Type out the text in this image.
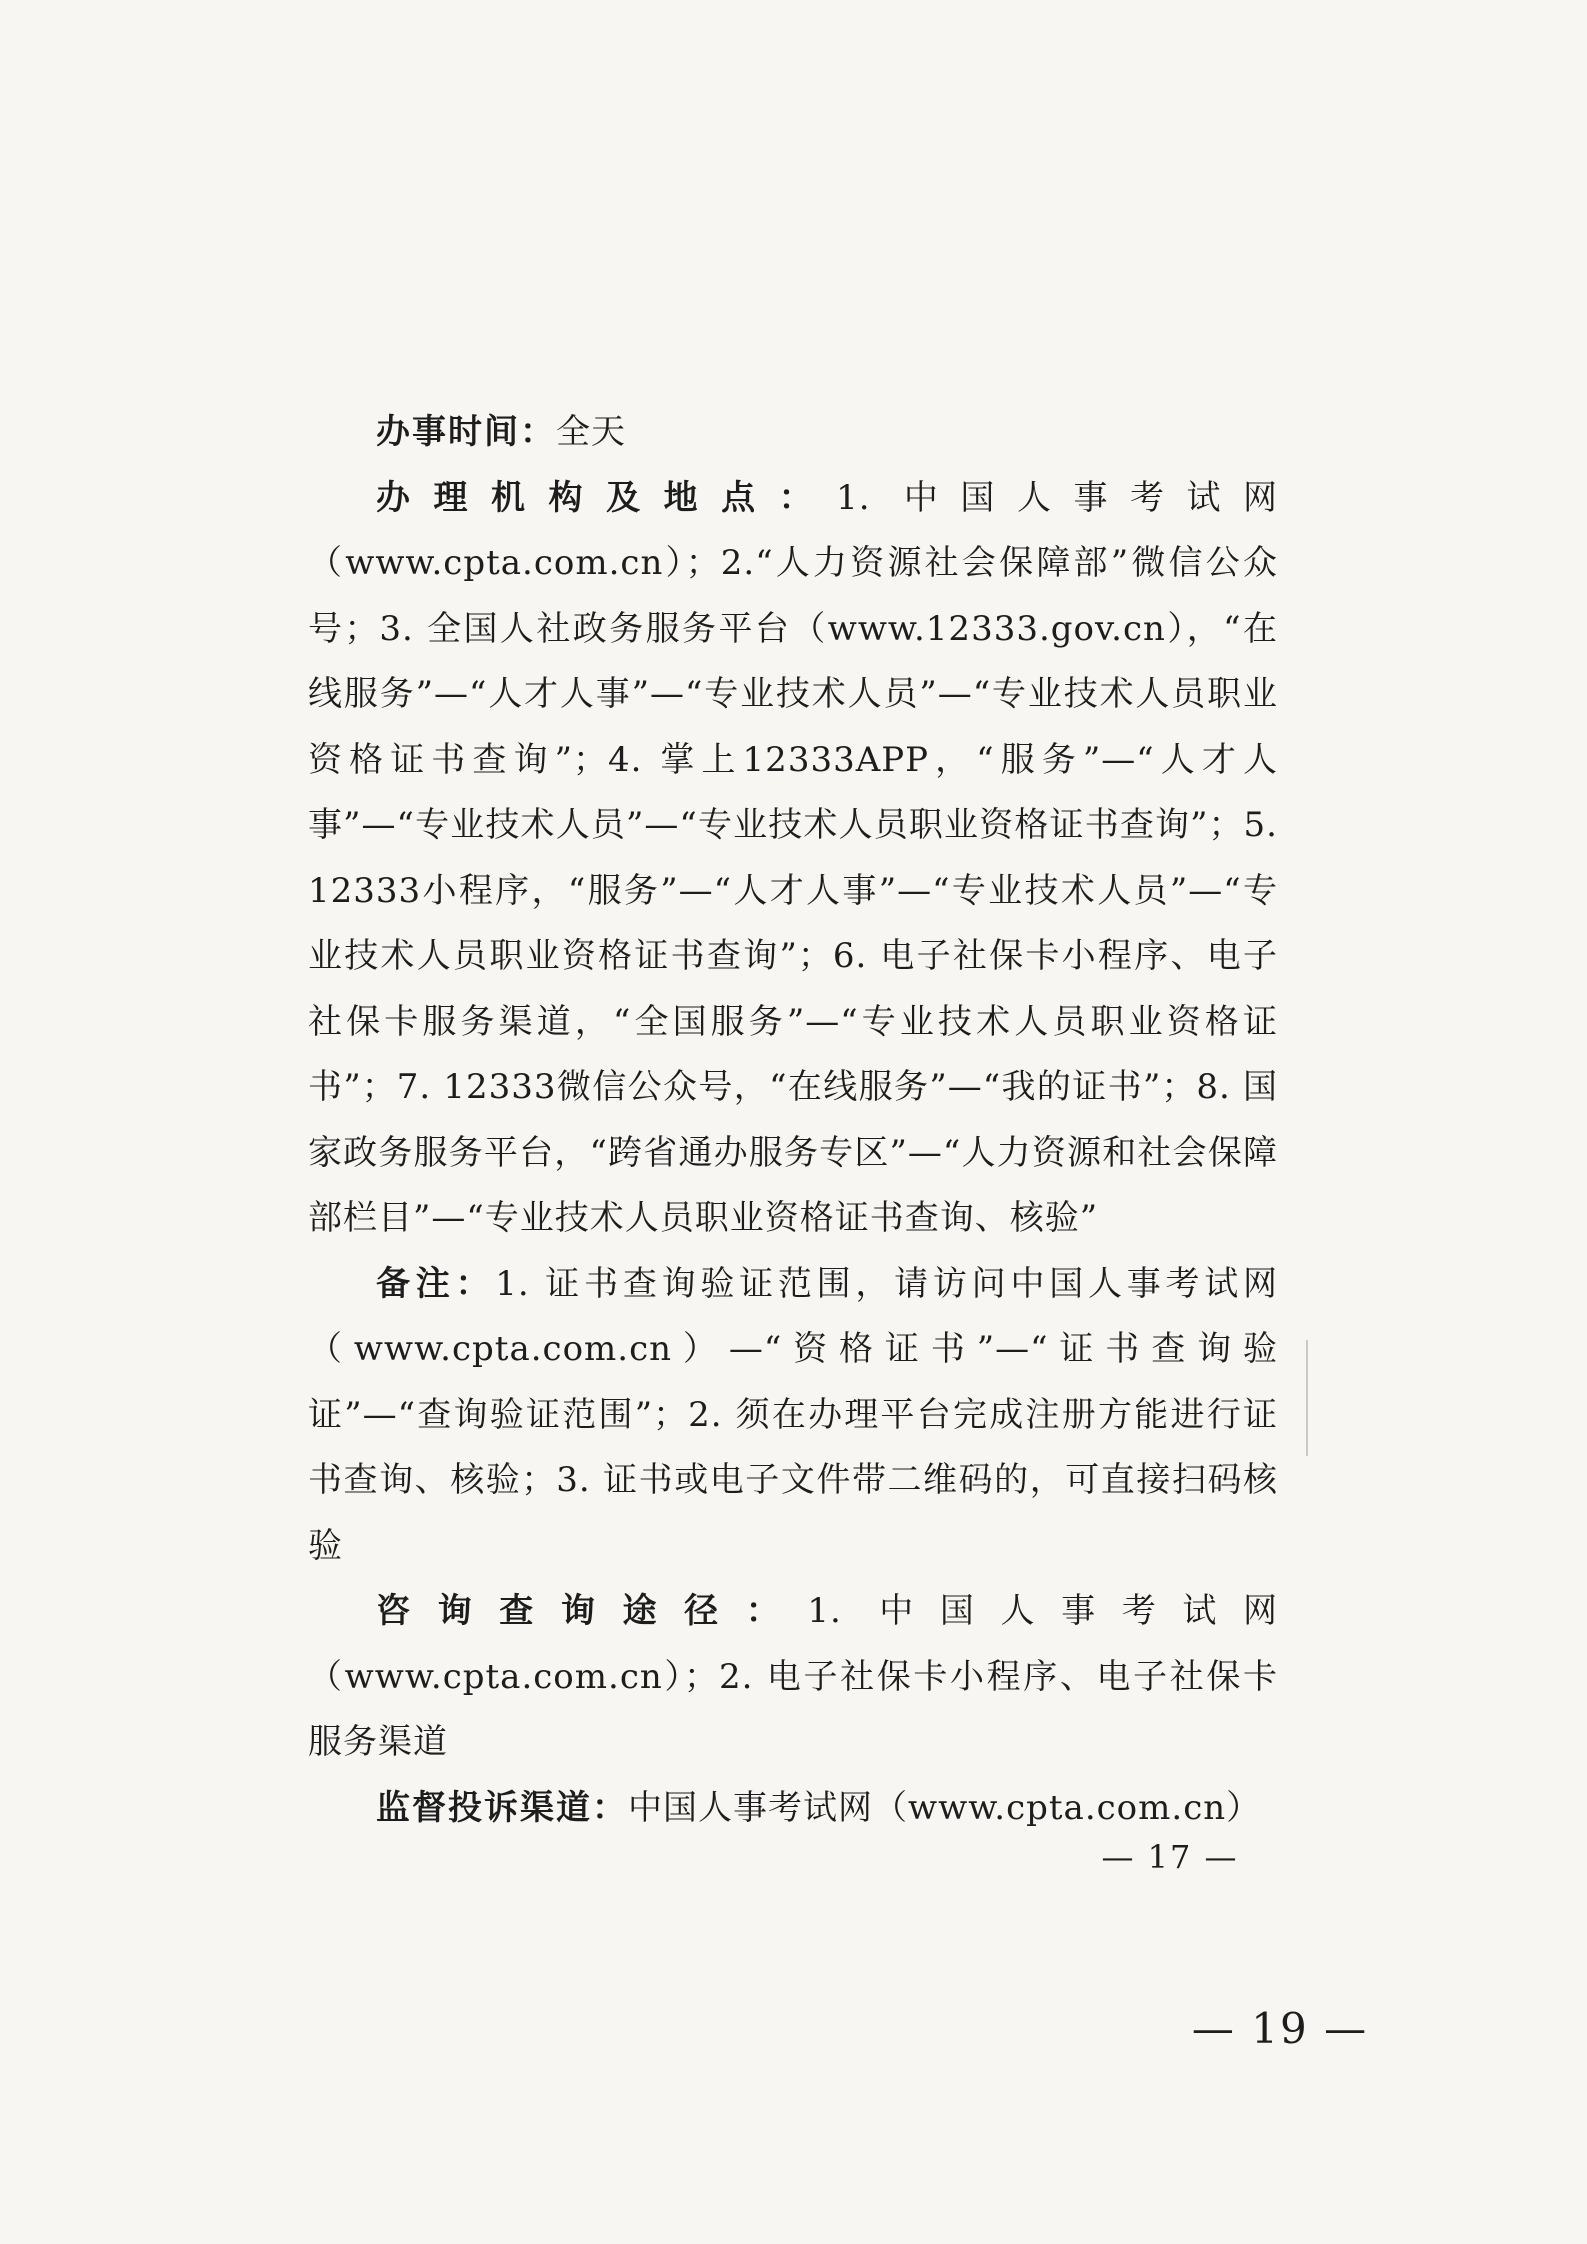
办事时间：全天

办理机构及地点：1. 中国人事考试网（www.cpta.com.cn）；2.“人力资源社会保障部”微信公众号；3. 全国人社政务服务平台（www.12333.gov.cn），“在线服务”—“人才人事”—“专业技术人员”—“专业技术人员职业资格证书查询”；4. 掌上12333APP，“服务”—“人才人事”—“专业技术人员”—“专业技术人员职业资格证书查询”；5. 12333小程序，“服务”—“人才人事”—“专业技术人员”—“专业技术人员职业资格证书查询”；6. 电子社保卡小程序、电子社保卡服务渠道，“全国服务”—“专业技术人员职业资格证书”；7. 12333微信公众号，“在线服务”—“我的证书”；8. 国家政务服务平台，“跨省通办服务专区”—“人力资源和社会保障部栏目”—“专业技术人员职业资格证书查询、核验”

备注：1. 证书查询验证范围，请访问中国人事考试网（www.cpta.com.cn）—“资格证书”—“证书查询验证”—“查询验证范围”；2. 须在办理平台完成注册方能进行证书查询、核验；3. 证书或电子文件带二维码的，可直接扫码核验

咨询查询途径：1. 中国人事考试网（www.cpta.com.cn）；2. 电子社保卡小程序、电子社保卡服务渠道

监督投诉渠道：中国人事考试网（www.cpta.com.cn）

— 17 —
— 19 —
